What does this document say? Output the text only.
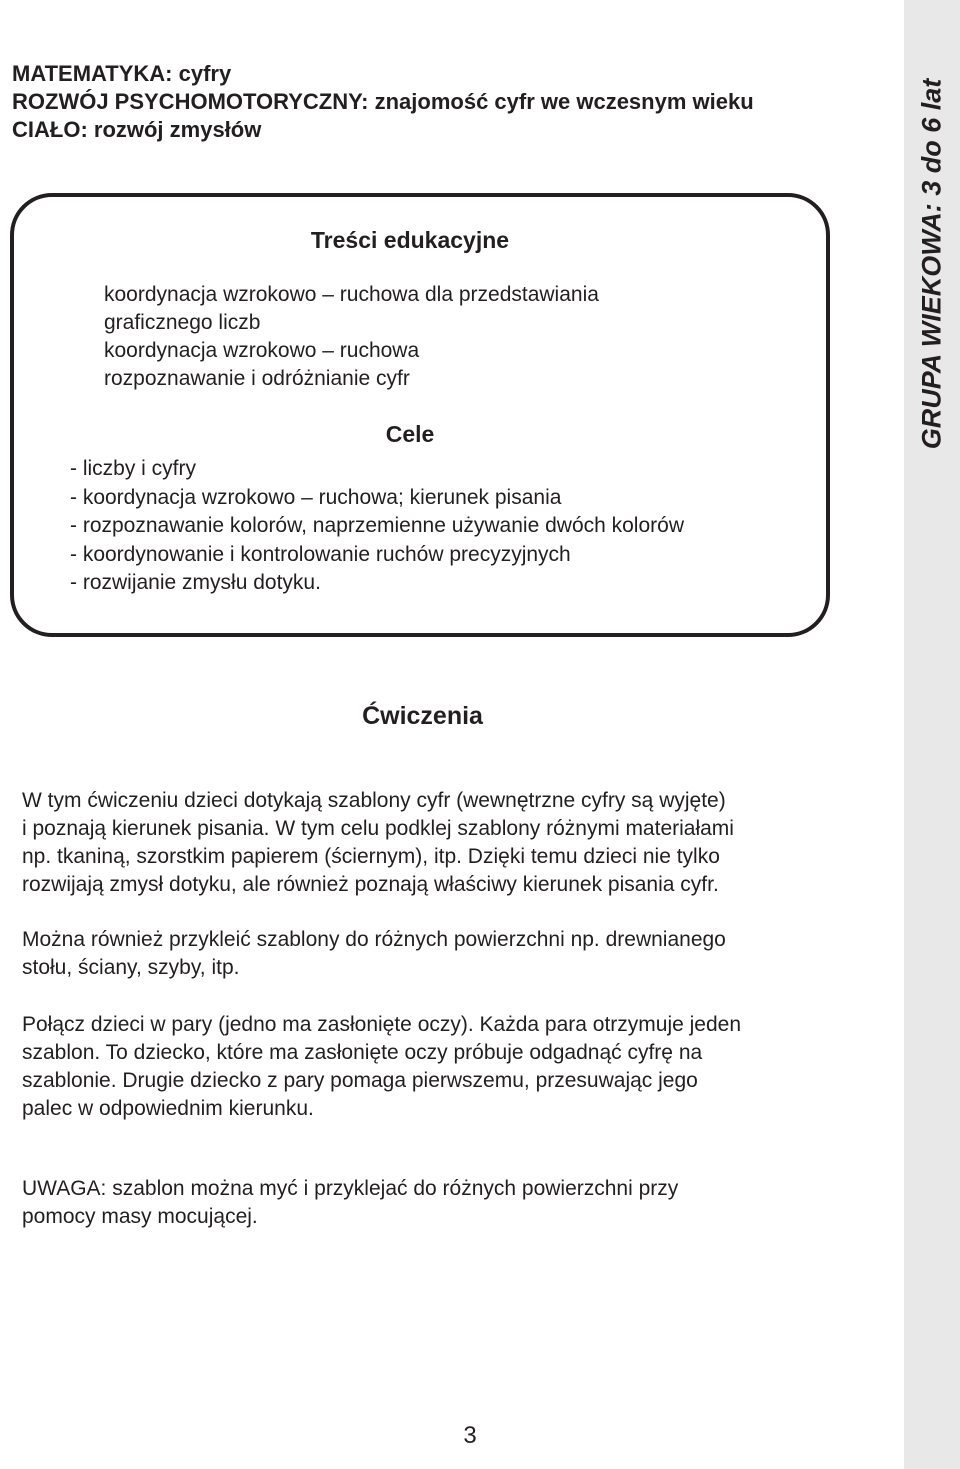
GRUPA WIEKOWA: 3 do 6 lat
MATEMATYKA: cyfry
ROZWÓJ PSYCHOMOTORYCZNY: znajomość cyfr we wczesnym wieku
CIAŁO: rozwój zmysłów
Treści edukacyjne
koordynacja wzrokowo – ruchowa dla przedstawiania
graficznego liczb
koordynacja wzrokowo – ruchowa
rozpoznawanie i odróżnianie cyfr
Cele
- liczby i cyfry
- koordynacja wzrokowo – ruchowa; kierunek pisania
- rozpoznawanie kolorów, naprzemienne używanie dwóch kolorów
- koordynowanie i kontrolowanie ruchów precyzyjnych
- rozwijanie zmysłu dotyku.
Ćwiczenia
W tym ćwiczeniu dzieci dotykają szablony cyfr (wewnętrzne cyfry są wyjęte)
i poznają kierunek pisania. W tym celu podklej szablony różnymi materiałami
np. tkaniną, szorstkim papierem (ściernym), itp. Dzięki temu dzieci nie tylko
rozwijają zmysł dotyku, ale również poznają właściwy kierunek pisania cyfr.
Można również przykleić szablony do różnych powierzchni np. drewnianego
stołu, ściany, szyby, itp.
Połącz dzieci w pary (jedno ma zasłonięte oczy). Każda para otrzymuje jeden
szablon. To dziecko, które ma zasłonięte oczy próbuje odgadnąć cyfrę na
szablonie. Drugie dziecko z pary pomaga pierwszemu, przesuwając jego
palec w odpowiednim kierunku.
UWAGA: szablon można myć i przyklejać do różnych powierzchni przy
pomocy masy mocującej.
3
